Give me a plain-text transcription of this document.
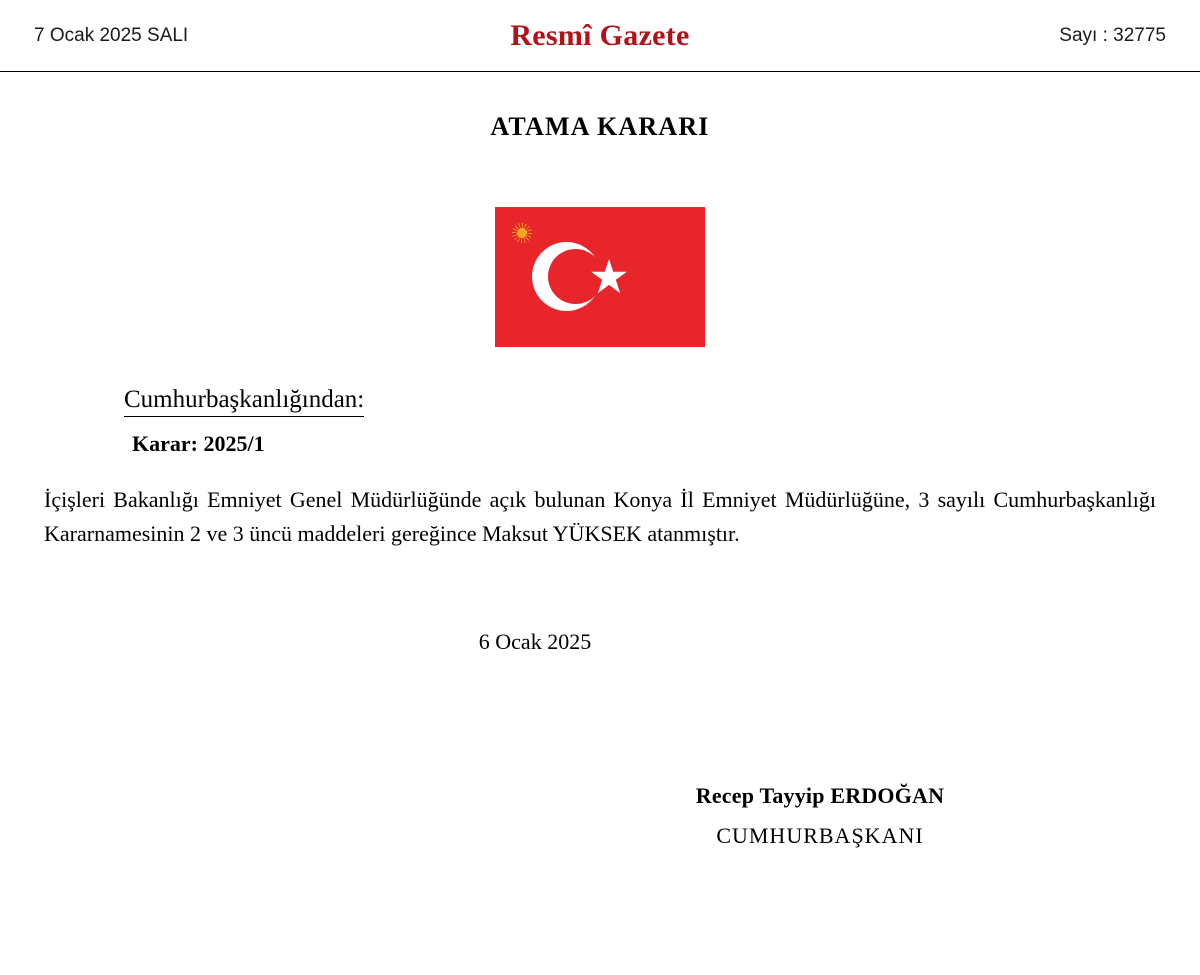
7 Ocak 2025 SALI	Resmî Gazete	Sayı : 32775
ATAMA KARARI
Cumhurbaşkanlığından:
Karar: 2025/1
İçişleri Bakanlığı Emniyet Genel Müdürlüğünde açık bulunan Konya İl Emniyet Müdürlüğüne, 3 sayılı Cumhurbaşkanlığı Kararnamesinin 2 ve 3 üncü maddeleri gereğince Maksut YÜKSEK atanmıştır.
6 Ocak 2025
Recep Tayyip ERDOĞAN
CUMHURBAŞKANI
